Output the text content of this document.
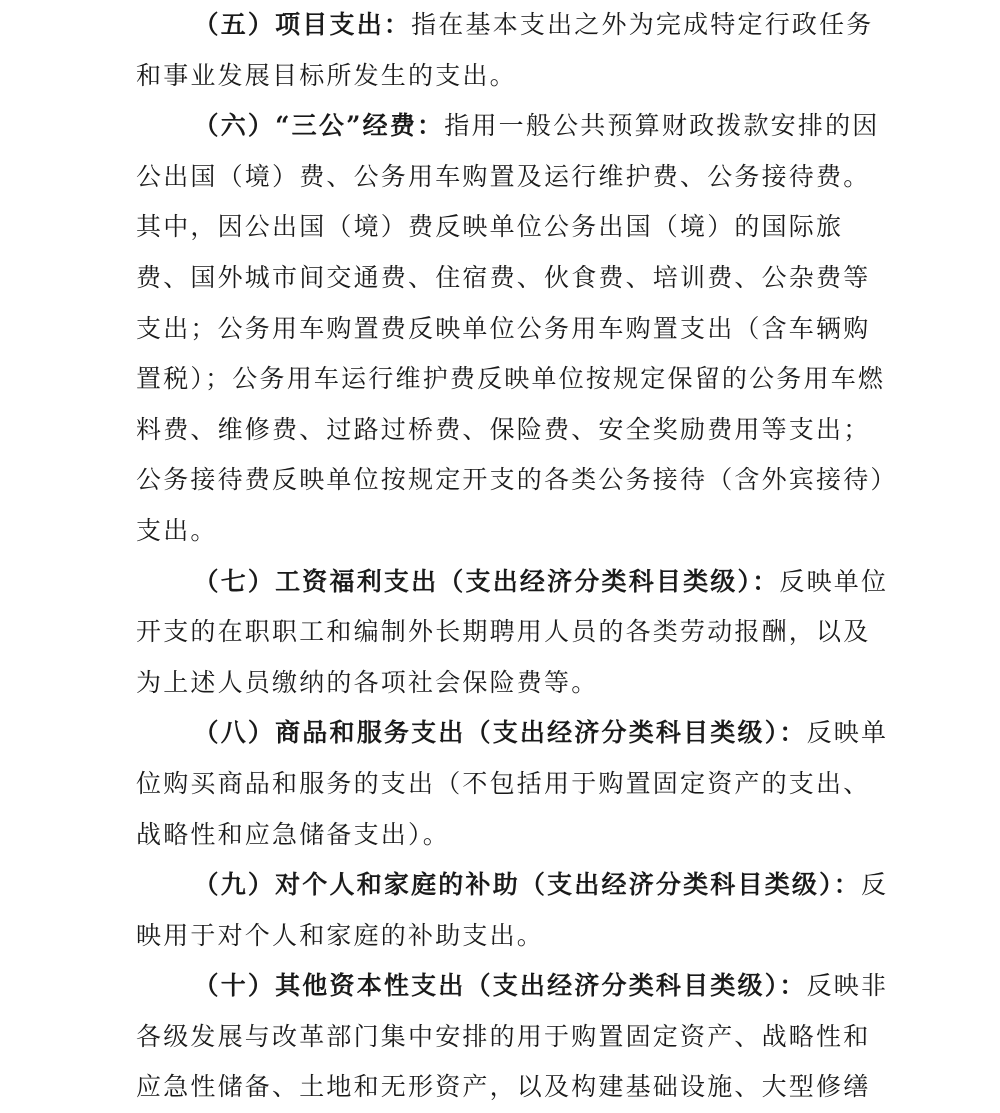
（五）项目支出：指在基本支出之外为完成特定行政任务和事业发展目标所发生的支出。

（六）“三公”经费：指用一般公共预算财政拨款安排的因公出国（境）费、公务用车购置及运行维护费、公务接待费。其中，因公出国（境）费反映单位公务出国（境）的国际旅费、国外城市间交通费、住宿费、伙食费、培训费、公杂费等支出；公务用车购置费反映单位公务用车购置支出（含车辆购置税）；公务用车运行维护费反映单位按规定保留的公务用车燃料费、维修费、过路过桥费、保险费、安全奖励费用等支出；公务接待费反映单位按规定开支的各类公务接待（含外宾接待）支出。

（七）工资福利支出（支出经济分类科目类级）：反映单位开支的在职职工和编制外长期聘用人员的各类劳动报酬，以及为上述人员缴纳的各项社会保险费等。

（八）商品和服务支出（支出经济分类科目类级）：反映单位购买商品和服务的支出（不包括用于购置固定资产的支出、战略性和应急储备支出）。

（九）对个人和家庭的补助（支出经济分类科目类级）：反映用于对个人和家庭的补助支出。

（十）其他资本性支出（支出经济分类科目类级）：反映非各级发展与改革部门集中安排的用于购置固定资产、战略性和应急性储备、土地和无形资产，以及构建基础设施、大型修缮
